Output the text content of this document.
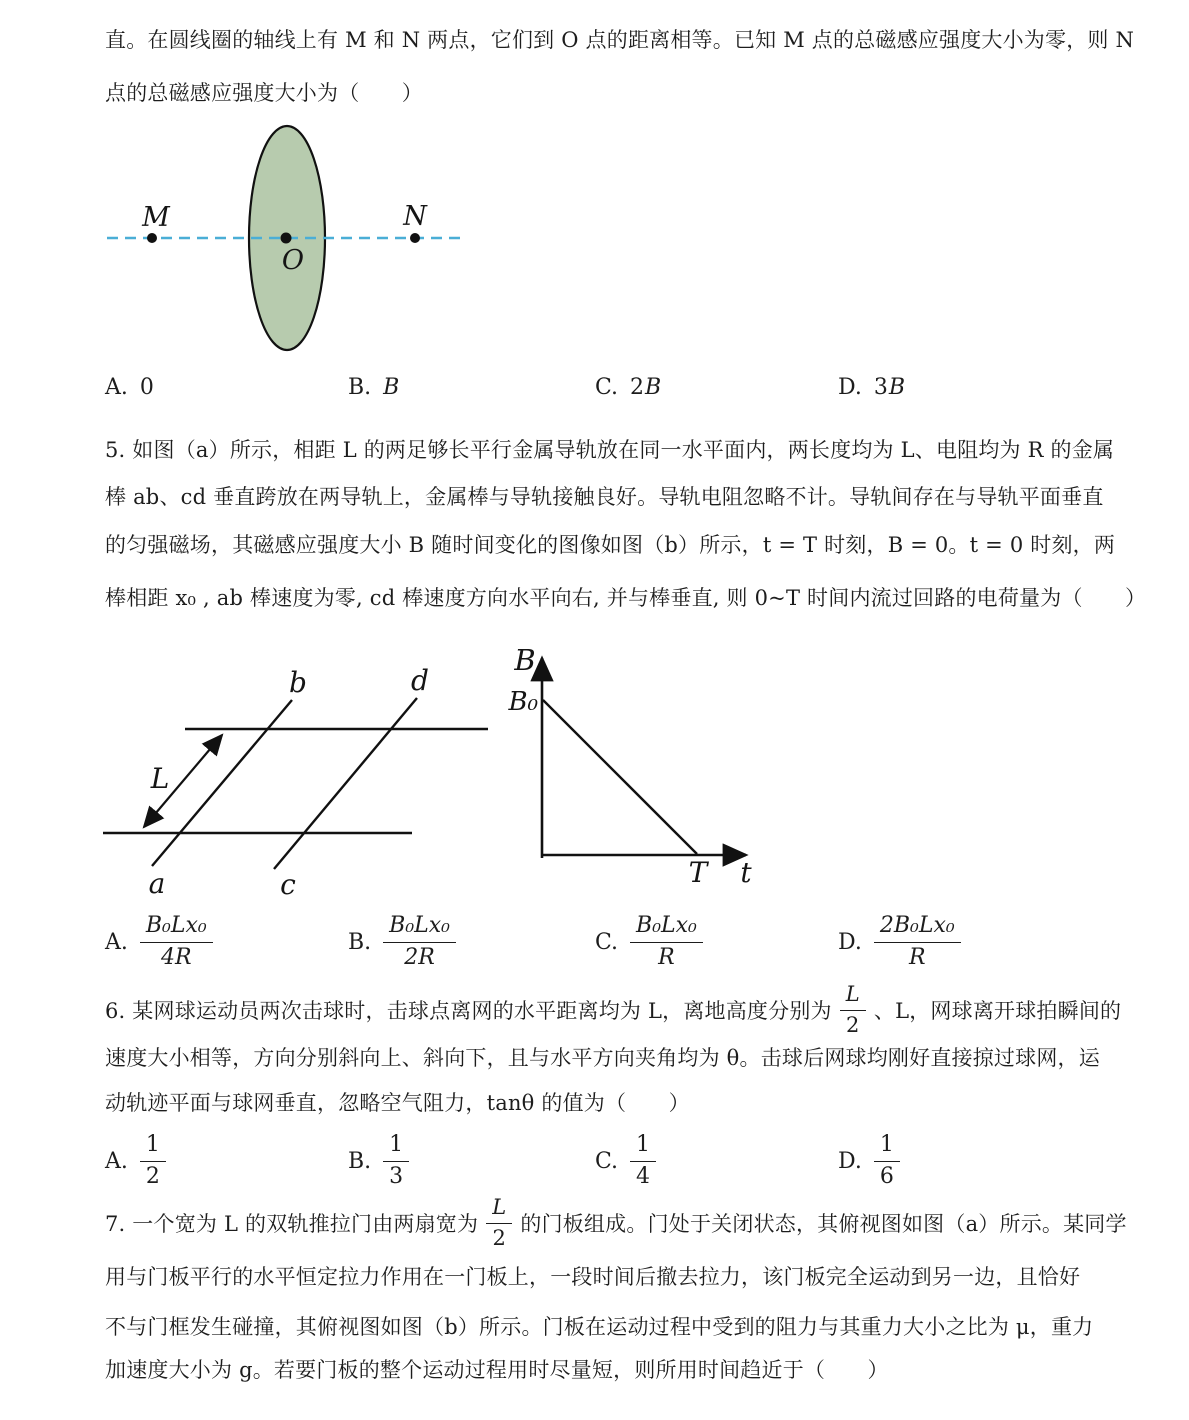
直。在圆线圈的轴线上有 M 和 N 两点，它们到 O 点的距离相等。已知 M 点的总磁感应强度大小为零，则 N
点的总磁感应强度大小为（　　）
M
O
N
A. 0	B. B	C. 2 B	D. 3 B
5. 如图（a）所示，相距 L 的两足够长平行金属导轨放在同一水平面内，两长度均为 L、电阻均为 R 的金属
棒 ab、cd 垂直跨放在两导轨上，金属棒与导轨接触良好。导轨电阻忽略不计。导轨间存在与导轨平面垂直
的匀强磁场，其磁感应强度大小 B 随时间变化的图像如图（b）所示，t = T 时刻，B = 0。t = 0 时刻，两
棒相距 x₀ , ab 棒速度为零, cd 棒速度方向水平向右, 并与棒垂直, 则 0~T 时间内流过回路的电荷量为（　　）
a
b
c
d
L
B
B₀
T t
A. $\frac{\text{B₀Lx₀}}{4R}$	B. $\frac{\text{B₀Lx₀}}{2R}$	C. $\frac{\text{B₀Lx₀}}{R}$	D. $\frac{\text{2B₀Lx₀}}{R}$
6. 某网球运动员两次击球时，击球点离网的水平距离均为 L，离地高度分别为 $\frac{L}{2}$ 、L，网球离开球拍瞬间的
速度大小相等，方向分别斜向上、斜向下，且与水平方向夹角均为 θ。击球后网球均刚好直接掠过球网，运
动轨迹平面与球网垂直，忽略空气阻力，tanθ 的值为（　　）
A. $\frac{1}{2}$	B. $\frac{1}{3}$	C. $\frac{1}{4}$	D. $\frac{1}{6}$
7. 一个宽为 L 的双轨推拉门由两扇宽为 $\frac{L}{2}$ 的门板组成。门处于关闭状态，其俯视图如图（a）所示。某同学
用与门板平行的水平恒定拉力作用在一门板上，一段时间后撤去拉力，该门板完全运动到另一边，且恰好
不与门框发生碰撞，其俯视图如图（b）所示。门板在运动过程中受到的阻力与其重力大小之比为 μ，重力
加速度大小为 g。若要门板的整个运动过程用时尽量短，则所用时间趋近于（　　）
